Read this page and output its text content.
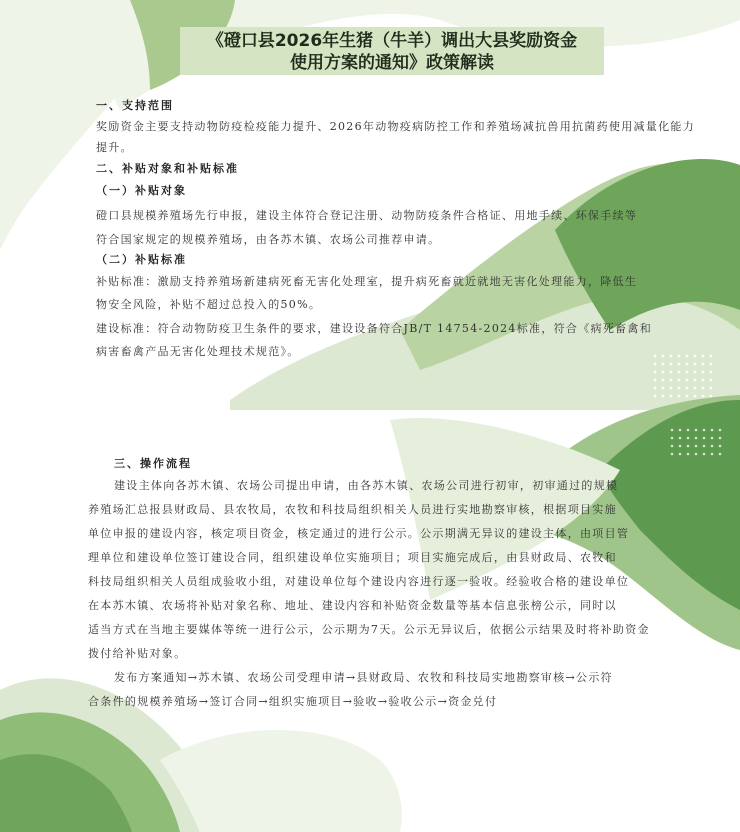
《磴口县2026年生猪（牛羊）调出大县奖励资金
使用方案的通知》政策解读
一、支持范围
奖励资金主要支持动物防疫检疫能力提升、2026年动物疫病防控工作和养殖场减抗兽用抗菌药使用减量化能力
提升。
二、补贴对象和补贴标准
（一）补贴对象
磴口县规模养殖场先行申报，建设主体符合登记注册、动物防疫条件合格证、用地手续、环保手续等
符合国家规定的规模养殖场，由各苏木镇、农场公司推荐申请。
（二）补贴标准
补贴标准：激励支持养殖场新建病死畜无害化处理室，提升病死畜就近就地无害化处理能力，降低生
物安全风险，补贴不超过总投入的50%。
建设标准：符合动物防疫卫生条件的要求，建设设备符合JB/T 14754-2024标准，符合《病死畜禽和
病害畜禽产品无害化处理技术规范》。
三、操作流程
建设主体向各苏木镇、农场公司提出申请，由各苏木镇、农场公司进行初审，初审通过的规模
养殖场汇总报县财政局、县农牧局，农牧和科技局组织相关人员进行实地勘察审核，根据项目实施
单位申报的建设内容，核定项目资金，核定通过的进行公示。公示期满无异议的建设主体，由项目管
理单位和建设单位签订建设合同，组织建设单位实施项目；项目实施完成后，由县财政局、农牧和
科技局组织相关人员组成验收小组，对建设单位每个建设内容进行逐一验收。经验收合格的建设单位
在本苏木镇、农场将补贴对象名称、地址、建设内容和补贴资金数量等基本信息张榜公示，同时以
适当方式在当地主要媒体等统一进行公示，公示期为7天。公示无异议后，依据公示结果及时将补助资金
拨付给补贴对象。
发布方案通知→苏木镇、农场公司受理申请→县财政局、农牧和科技局实地勘察审核→公示符
合条件的规模养殖场→签订合同→组织实施项目→验收→验收公示→资金兑付
